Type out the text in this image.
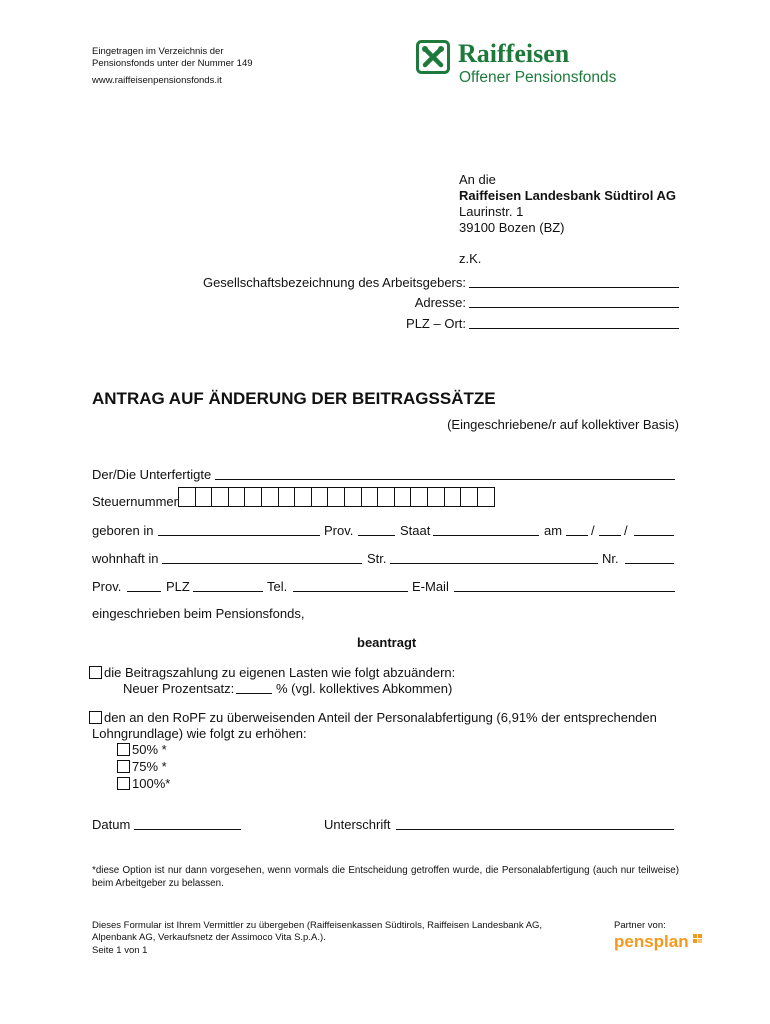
Eingetragen im Verzeichnis der
Pensionsfonds unter der Nummer 149
www.raiffeisenpensionsfonds.it
Raiffeisen
Offener Pensionsfonds
An die
Raiffeisen Landesbank Südtirol AG
Laurinstr. 1
39100 Bozen (BZ)
z.K.
Gesellschaftsbezeichnung des Arbeitsgebers:
Adresse:
PLZ – Ort:
ANTRAG AUF ÄNDERUNG DER BEITRAGSSÄTZE
(Eingeschriebene/r auf kollektiver Basis)
Der/Die Unterfertigte
Steuernummer
geboren in	Prov.	Staat	am / /
wohnhaft in	Str.	Nr.
Prov.	PLZ	Tel.	E-Mail
eingeschrieben beim Pensionsfonds,
beantragt
die Beitragszahlung zu eigenen Lasten wie folgt abzuändern:
Neuer Prozentsatz:	% (vgl. kollektives Abkommen)
den an den RoPF zu überweisenden Anteil der Personalabfertigung (6,91% der entsprechenden
Lohngrundlage) wie folgt zu erhöhen:
50% *
75% *
100%*
Datum	Unterschrift
*diese Option ist nur dann vorgesehen, wenn vormals die Entscheidung getroffen wurde, die Personalabfertigung (auch nur teilweise) beim Arbeitgeber zu belassen.
Dieses Formular ist Ihrem Vermittler zu übergeben (Raiffeisenkassen Südtirols, Raiffeisen Landesbank AG,
Alpenbank AG, Verkaufsnetz der Assimoco Vita S.p.A.).
Seite 1 von 1
Partner von:
pensplan
